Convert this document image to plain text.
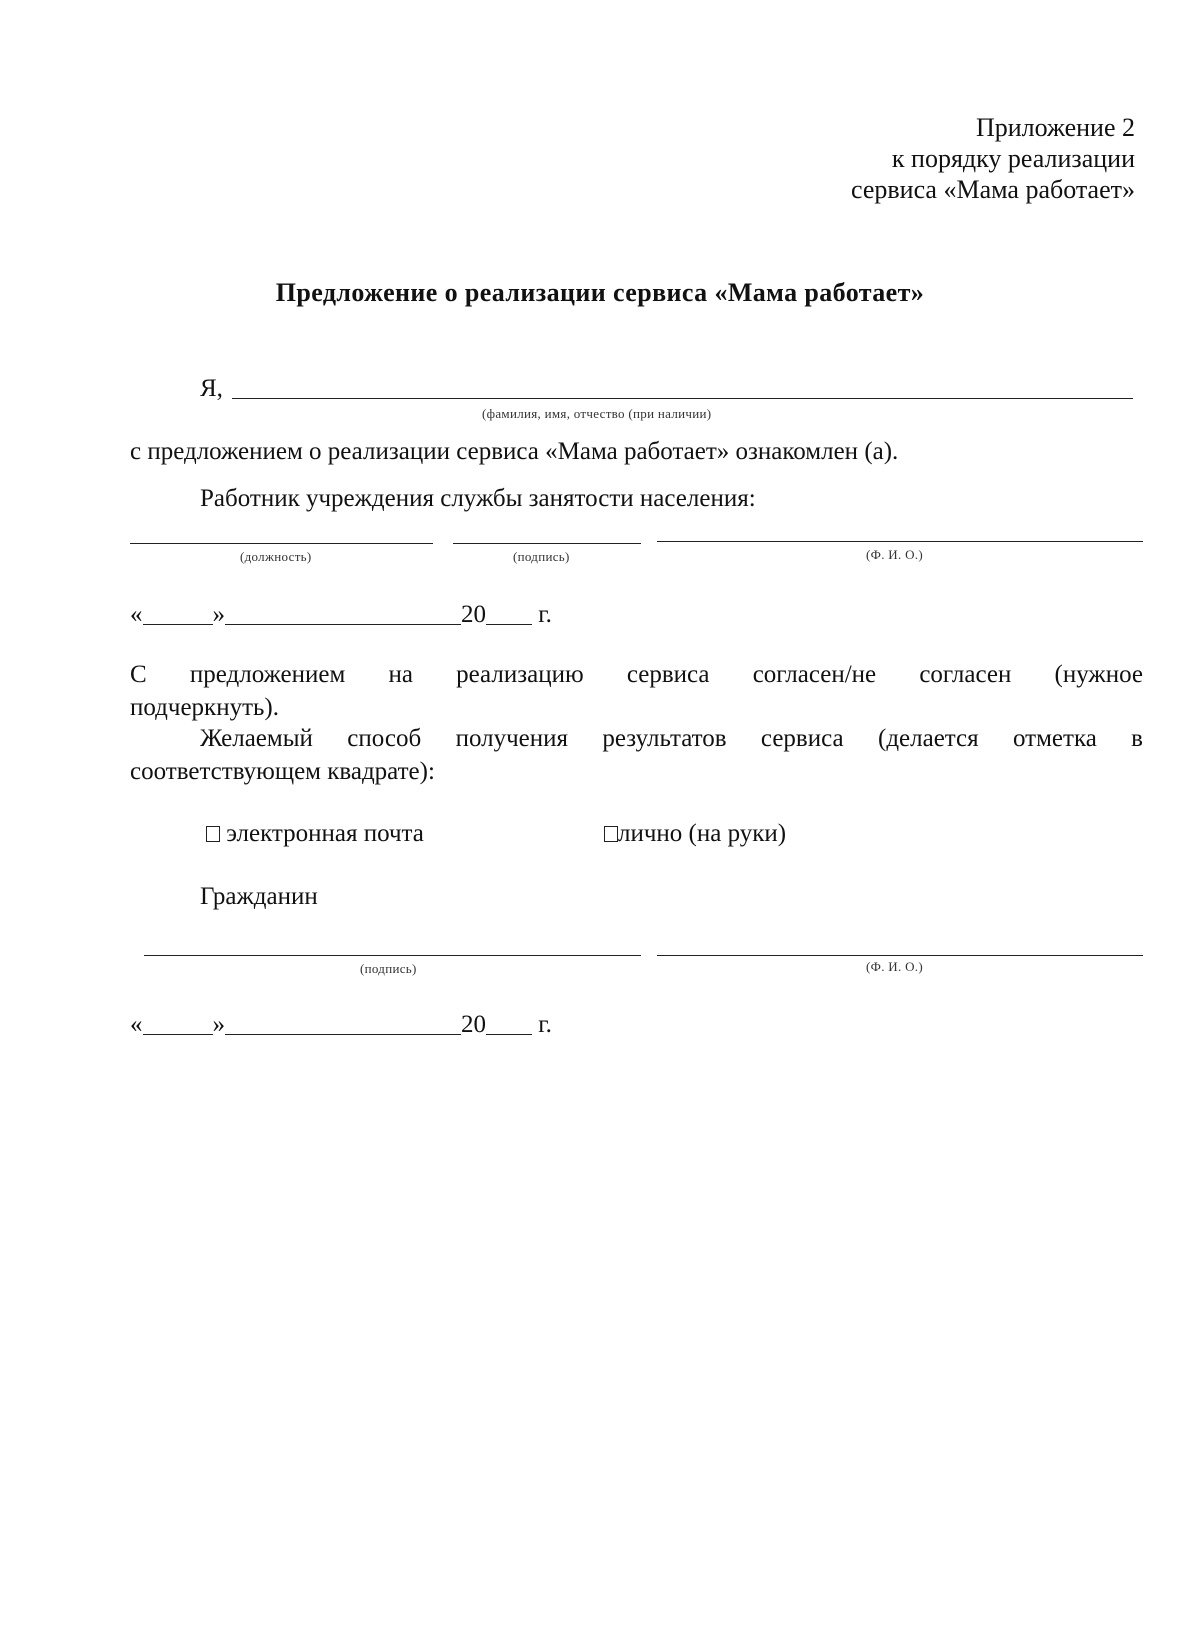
Приложение 2
к порядку реализации
сервиса «Мама работает»
Предложение о реализации сервиса «Мама работает»
Я,
(фамилия, имя, отчество (при наличии)
с предложением о реализации сервиса «Мама работает» ознакомлен (а).
Работник учреждения службы занятости населения:
(должность)	(подпись)	(Ф. И. О.)
«	»	20 г.
С предложением на реализацию сервиса согласен/не согласен (нужное
подчеркнуть).
Желаемый способ получения результатов сервиса (делается отметка в
соответствующем квадрате):
электронная почта	лично (на руки)
Гражданин
(подпись)	(Ф. И. О.)
«	»	20 г.
